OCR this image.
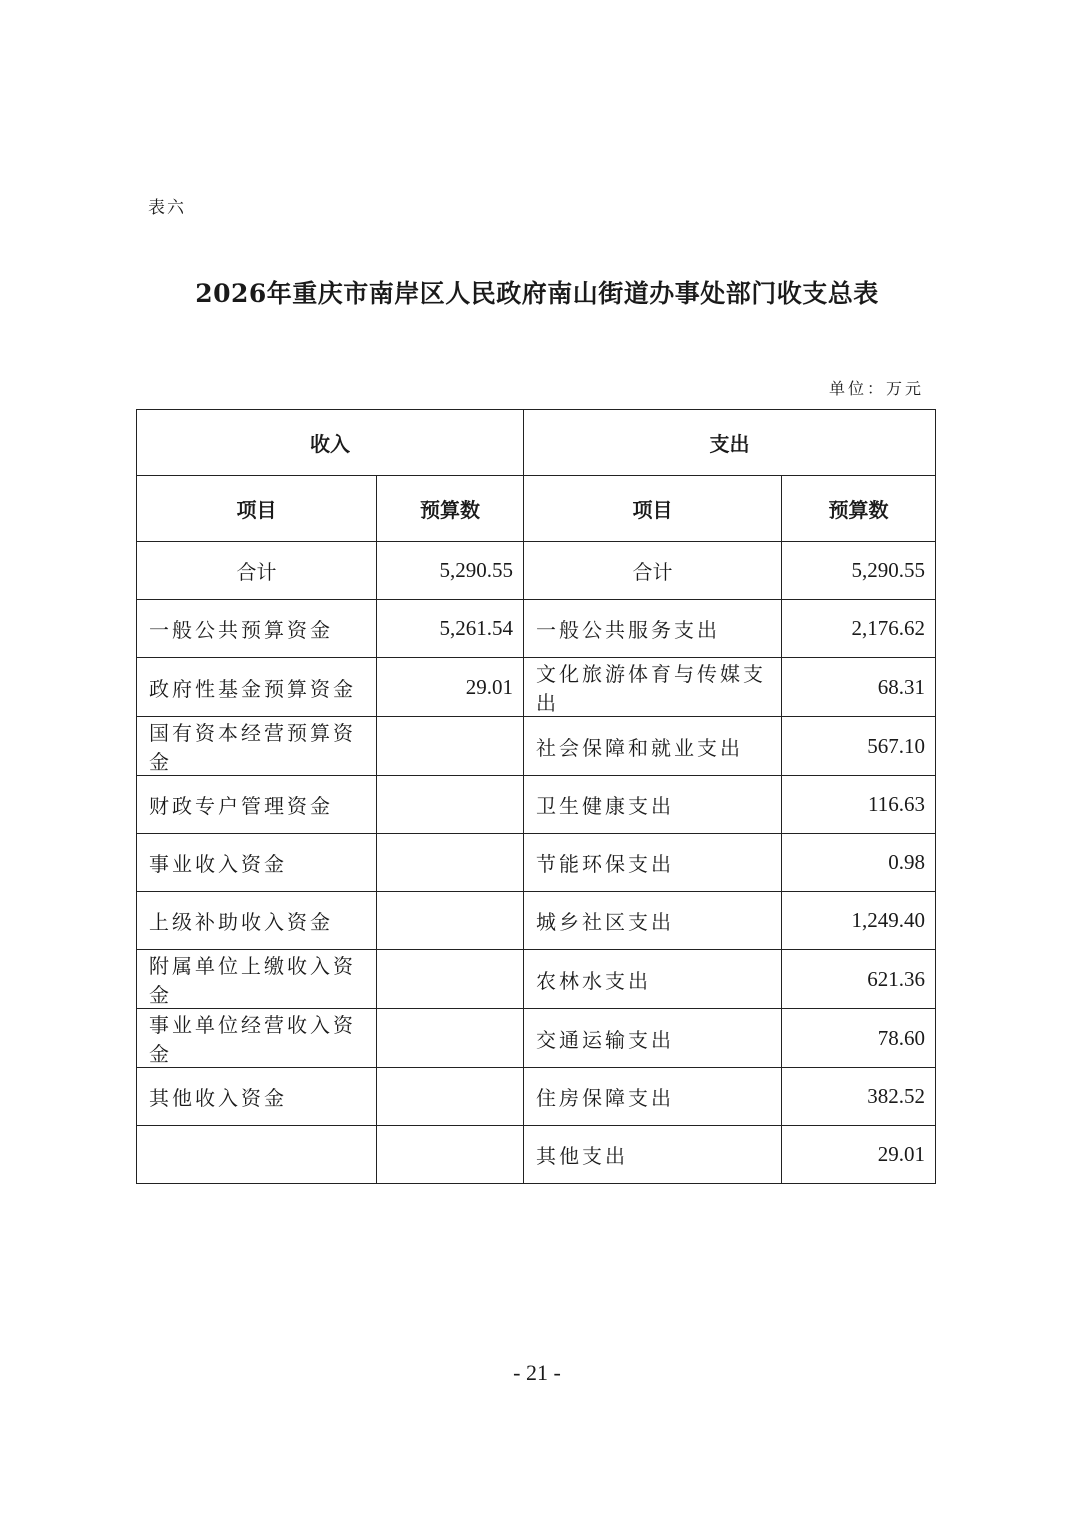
表六
2026年重庆市南岸区人民政府南山街道办事处部门收支总表
单位：万元
收入		支出	
项目	预算数	项目	预算数
合计	5,290.55	合计	5,290.55
一般公共预算资金	5,261.54	一般公共服务支出	2,176.62
政府性基金预算资金	29.01	文化旅游体育与传媒支出	68.31
国有资本经营预算资金		社会保障和就业支出	567.10
财政专户管理资金		卫生健康支出	116.63
事业收入资金		节能环保支出	0.98
上级补助收入资金		城乡社区支出	1,249.40
附属单位上缴收入资金		农林水支出	621.36
事业单位经营收入资金		交通运输支出	78.60
其他收入资金		住房保障支出	382.52
		其他支出	29.01
- 21 -
